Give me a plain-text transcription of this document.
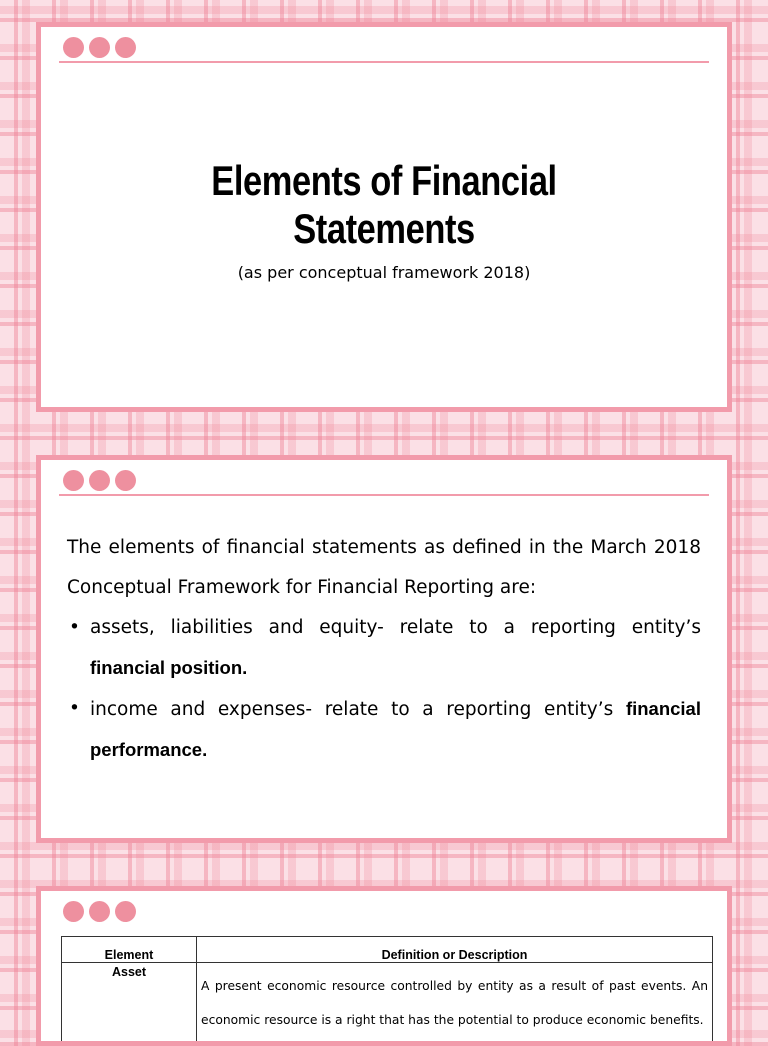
Elements of Financial
Statements
(as per conceptual framework 2018)

The elements of financial statements as defined in the March 2018 Conceptual Framework for Financial Reporting are:

• assets, liabilities and equity- relate to a reporting entity’s financial position.

• income and expenses- relate to a reporting entity’s financial performance.

Element	Definition or Description
Asset	A present economic resource controlled by entity as a result of past events. An economic resource is a right that has the potential to produce economic benefits.
